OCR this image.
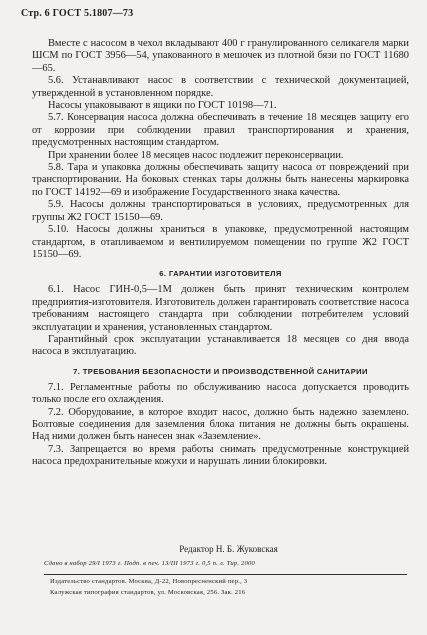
Стр. 6 ГОСТ 5.1807—73

Вместе с насосом в чехол вкладывают 400 г гранулированного селикагеля марки ШСМ по ГОСТ 3956—54, упакованного в мешочек из плотной бязи по ГОСТ 11680—65.

5.6. Устанавливают насос в соответствии с технической документацией, утвержденной в установленном порядке.

Насосы упаковывают в ящики по ГОСТ 10198—71.

5.7. Консервация насоса должна обеспечивать в течение 18 месяцев защиту его от коррозии при соблюдении правил транспортирования и хранения, предусмотренных настоящим стандартом.

При хранении более 18 месяцев насос подлежит переконсервации.

5.8. Тара и упаковка должны обеспечивать защиту насоса от повреждений при транспортировании. На боковых стенках тары должны быть нанесены маркировка по ГОСТ 14192—69 и изображение Государственного знака качества.

5.9. Насосы должны транспортироваться в условиях, предусмотренных для группы Ж2 ГОСТ 15150—69.

5.10. Насосы должны храниться в упаковке, предусмотренной настоящим стандартом, в отапливаемом и вентилируемом помещении по группе Ж2 ГОСТ 15150—69.

6. ГАРАНТИИ ИЗГОТОВИТЕЛЯ

6.1. Насос ГИН-0,5—1М должен быть принят техническим контролем предприятия-изготовителя. Изготовитель должен гарантировать соответствие насоса требованиям настоящего стандарта при соблюдении потребителем условий эксплуатации и хранения, установленных стандартом.

Гарантийный срок эксплуатации устанавливается 18 месяцев со дня ввода насоса в эксплуатацию.

7. ТРЕБОВАНИЯ БЕЗОПАСНОСТИ И ПРОИЗВОДСТВЕННОЙ САНИТАРИИ

7.1. Регламентные работы по обслуживанию насоса допускается проводить только после его охлаждения.

7.2. Оборудование, в которое входит насос, должно быть надежно заземлено. Болтовые соединения для заземления блока питания не должны быть окрашены. Над ними должен быть нанесен знак «Заземление».

7.3. Запрещается во время работы снимать предусмотренные конструкцией насоса предохранительные кожухи и нарушать линии блокировки.

Редактор Н. Б. Жуковская
Сдано в набор 29/I 1973 г. Подп. в печ. 13/III 1973 г. 0,5 п. л. Тир. 2000
Издательство стандартов. Москва, Д-22, Новопресненский пер., 3
Калужская типография стандартов, ул. Московская, 256. Зак. 216
